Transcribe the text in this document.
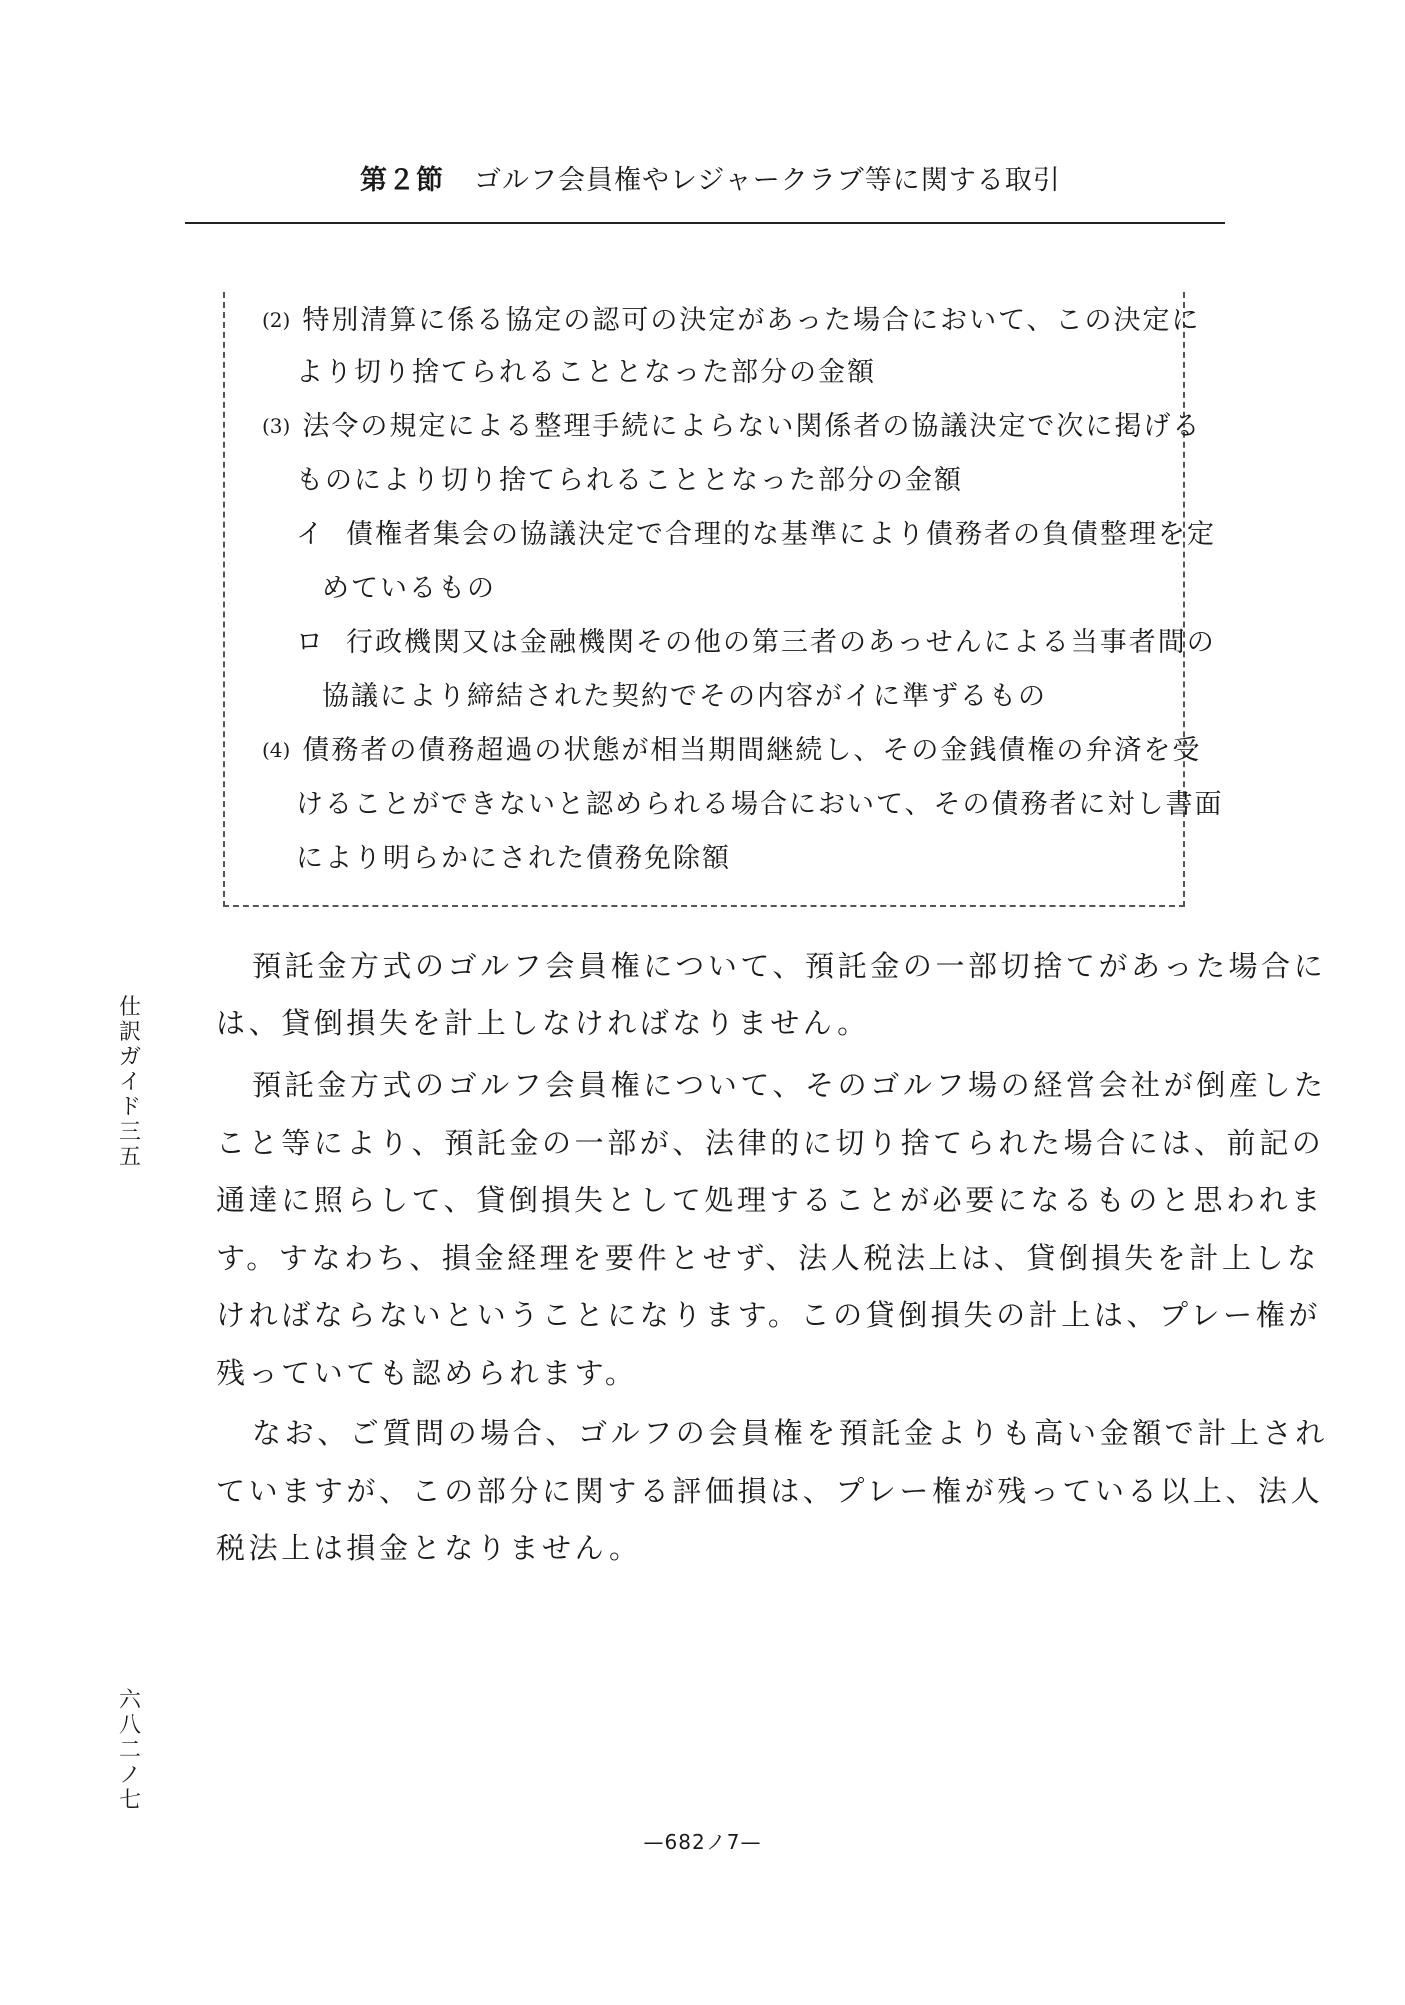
第２節 ゴルフ会員権やレジャークラブ等に関する取引
(2) 特別清算に係る協定の認可の決定があった場合において、この決定に
より切り捨てられることとなった部分の金額
(3) 法令の規定による整理手続によらない関係者の協議決定で次に掲げる
ものにより切り捨てられることとなった部分の金額
イ 債権者集会の協議決定で合理的な基準により債務者の負債整理を定
めているもの
ロ 行政機関又は金融機関その他の第三者のあっせんによる当事者間の
協議により締結された契約でその内容がイに準ずるもの
(4) 債務者の債務超過の状態が相当期間継続し、その金銭債権の弁済を受
けることができないと認められる場合において、その債務者に対し書面
により明らかにされた債務免除額
預託金方式のゴルフ会員権について、預託金の一部切捨てがあった場合に
は、貸倒損失を計上しなければなりません。
預託金方式のゴルフ会員権について、そのゴルフ場の経営会社が倒産した
こと等により、預託金の一部が、法律的に切り捨てられた場合には、前記の
通達に照らして、貸倒損失として処理することが必要になるものと思われま
す。すなわち、損金経理を要件とせず、法人税法上は、貸倒損失を計上しな
ければならないということになります。この貸倒損失の計上は、プレー権が
残っていても認められます。
なお、ご質問の場合、ゴルフの会員権を預託金よりも高い金額で計上され
ていますが、この部分に関する評価損は、プレー権が残っている以上、法人
税法上は損金となりません。
仕訳ガイド三五
六八二ノ七
—682ノ7—
